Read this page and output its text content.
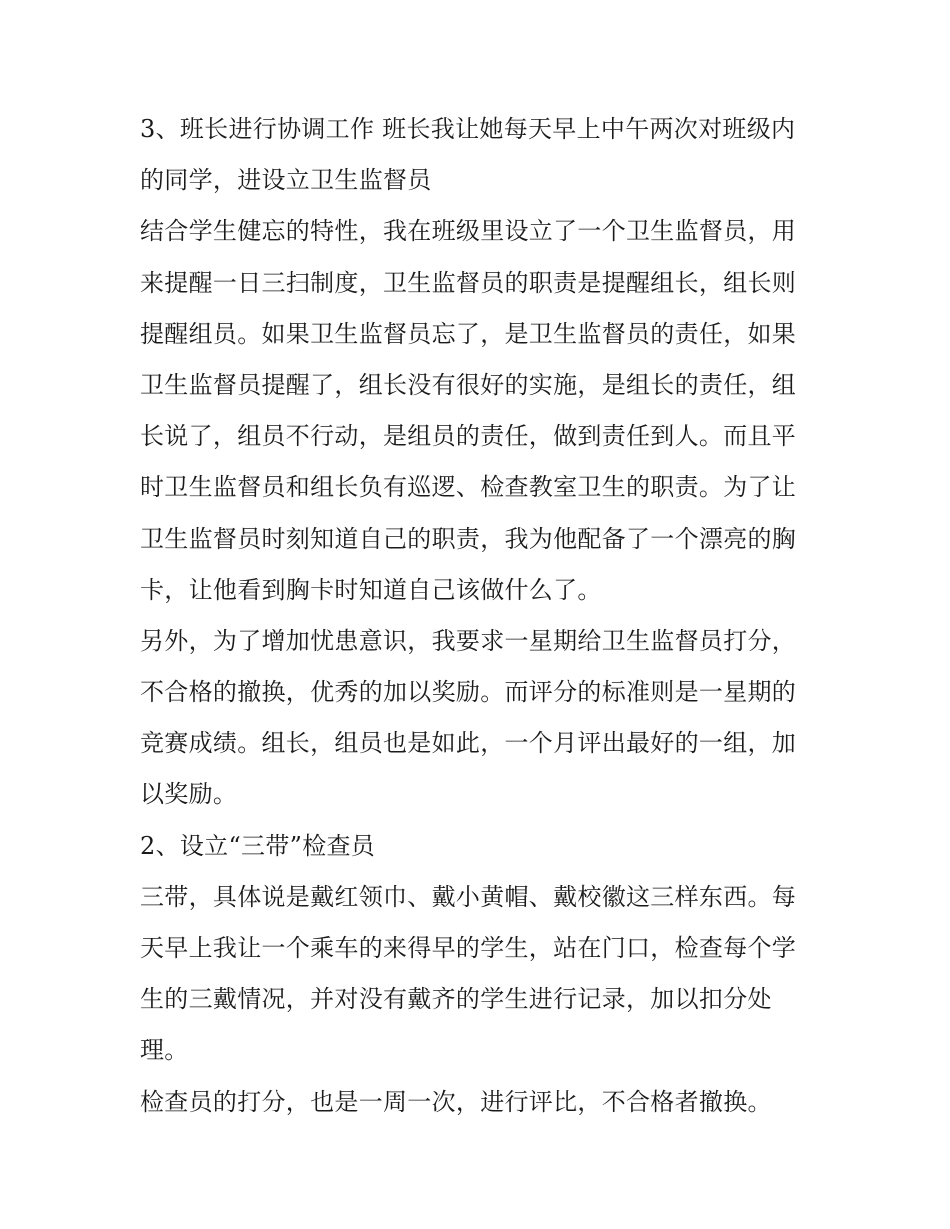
3、班长进行协调工作 班长我让她每天早上中午两次对班级内
的同学，进设立卫生监督员
结合学生健忘的特性，我在班级里设立了一个卫生监督员，用
来提醒一日三扫制度，卫生监督员的职责是提醒组长，组长则
提醒组员。如果卫生监督员忘了，是卫生监督员的责任，如果
卫生监督员提醒了，组长没有很好的实施，是组长的责任，组
长说了，组员不行动，是组员的责任，做到责任到人。而且平
时卫生监督员和组长负有巡逻、检查教室卫生的职责。为了让
卫生监督员时刻知道自己的职责，我为他配备了一个漂亮的胸
卡，让他看到胸卡时知道自己该做什么了。
另外，为了增加忧患意识，我要求一星期给卫生监督员打分，
不合格的撤换，优秀的加以奖励。而评分的标准则是一星期的
竞赛成绩。组长，组员也是如此，一个月评出最好的一组，加
以奖励。
2、设立“三带”检查员
三带，具体说是戴红领巾、戴小黄帽、戴校徽这三样东西。每
天早上我让一个乘车的来得早的学生，站在门口，检查每个学
生的三戴情况，并对没有戴齐的学生进行记录，加以扣分处
理。
检查员的打分，也是一周一次，进行评比，不合格者撤换。
